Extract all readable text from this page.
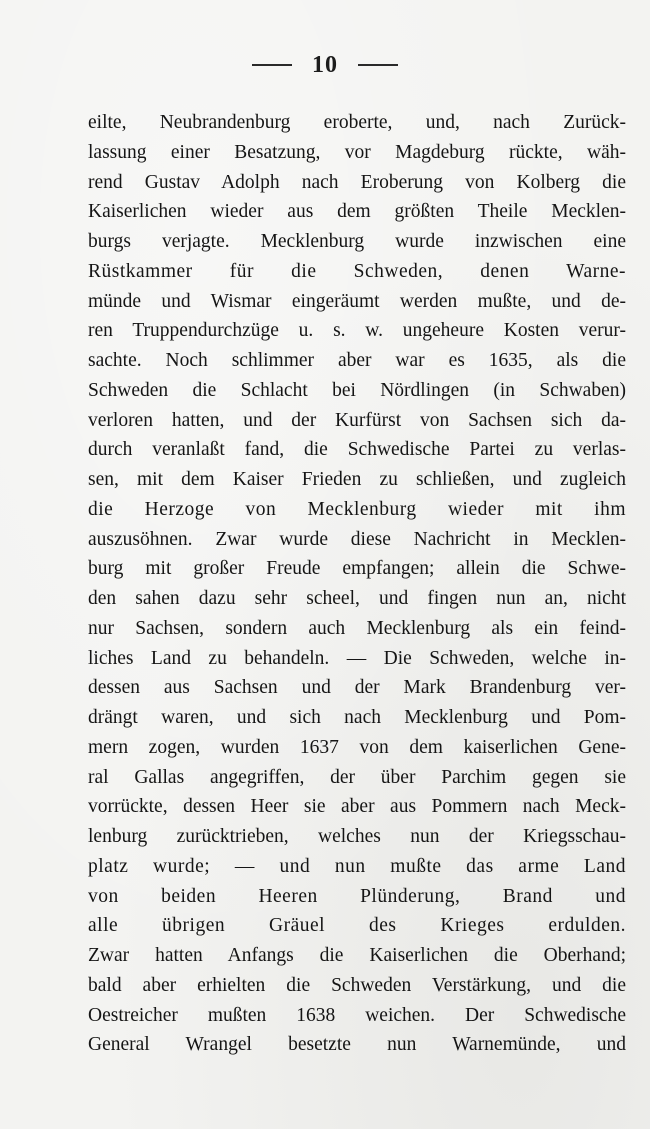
10
eilte, Neubrandenburg eroberte, und, nach Zurück-
lassung einer Besatzung, vor Magdeburg rückte, wäh-
rend Gustav Adolph nach Eroberung von Kolberg die
Kaiserlichen wieder aus dem größten Theile Mecklen-
burgs verjagte. Mecklenburg wurde inzwischen eine
Rüstkammer für die Schweden, denen Warne-
münde und Wismar eingeräumt werden mußte, und de-
ren Truppendurchzüge u. s. w. ungeheure Kosten verur-
sachte. Noch schlimmer aber war es 1635, als die
Schweden die Schlacht bei Nördlingen (in Schwaben)
verloren hatten, und der Kurfürst von Sachsen sich da-
durch veranlaßt fand, die Schwedische Partei zu verlas-
sen, mit dem Kaiser Frieden zu schließen, und zugleich
die Herzoge von Mecklenburg wieder mit ihm
auszusöhnen. Zwar wurde diese Nachricht in Mecklen-
burg mit großer Freude empfangen; allein die Schwe-
den sahen dazu sehr scheel, und fingen nun an, nicht
nur Sachsen, sondern auch Mecklenburg als ein feind-
liches Land zu behandeln. — Die Schweden, welche in-
dessen aus Sachsen und der Mark Brandenburg ver-
drängt waren, und sich nach Mecklenburg und Pom-
mern zogen, wurden 1637 von dem kaiserlichen Gene-
ral Gallas angegriffen, der über Parchim gegen sie
vorrückte, dessen Heer sie aber aus Pommern nach Meck-
lenburg zurücktrieben, welches nun der Kriegsschau-
platz wurde; — und nun mußte das arme Land
von beiden Heeren Plünderung, Brand und
alle übrigen Gräuel des Krieges erdulden.
Zwar hatten Anfangs die Kaiserlichen die Oberhand;
bald aber erhielten die Schweden Verstärkung, und die
Oestreicher mußten 1638 weichen. Der Schwedische
General Wrangel besetzte nun Warnemünde, und
